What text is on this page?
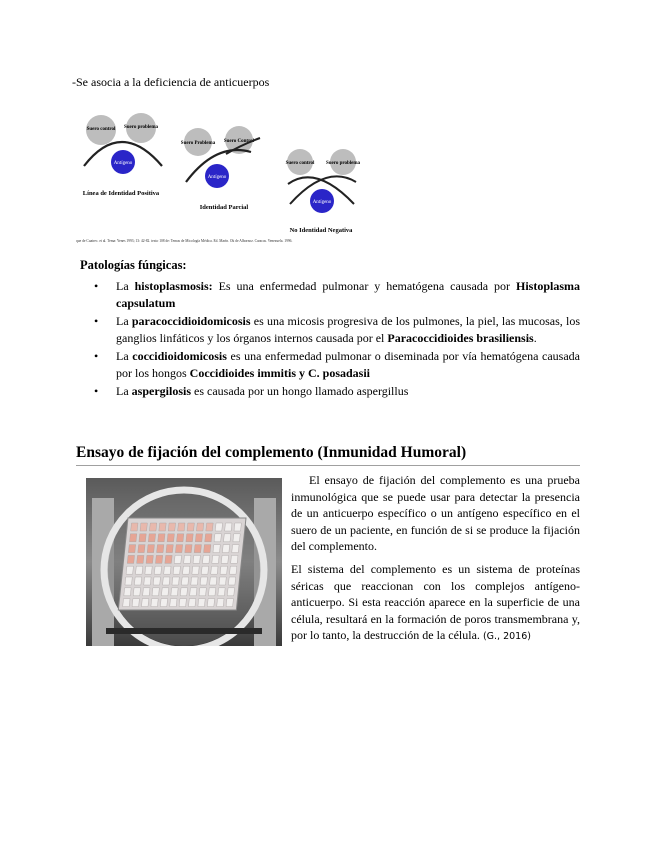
-Se asocia a la deficiencia de anticuerpos
Suero control Suero problema
Antígeno
Línea de Identidad Positiva
Suero Problema Suero Control
Antígeno
Identidad Parcial
Suero control Suero problema
Antígeno
No Identidad Negativa
que de Cuatrec. et al. Tema: Yenes 1993; 13: 42-82. texto 108 de: Temas de Micología Médica. Ed. Marín. Ok de Albornoz. Caracas. Venezuela. 1996.
Patologías fúngicas:
• La histoplasmosis: Es una enfermedad pulmonar y hematógena causada por Histoplasma capsulatum
• La paracoccidioidomicosis es una micosis progresiva de los pulmones, la piel, las mucosas, los ganglios linfáticos y los órganos internos causada por el Paracoccidioides brasiliensis.
• La coccidioidomicosis es una enfermedad pulmonar o diseminada por vía hematógena causada por los hongos Coccidioides immitis y C. posadasii
• La aspergilosis es causada por un hongo llamado aspergillus
Ensayo de fijación del complemento (Inmunidad Humoral)

El ensayo de fijación del complemento es una prueba inmunológica que se puede usar para detectar la presencia de un anticuerpo específico o un antígeno específico en el suero de un paciente, en función de si se produce la fijación del complemento.

El sistema del complemento es un sistema de proteínas séricas que reaccionan con los complejos antígeno-anticuerpo. Si esta reacción aparece en la superficie de una célula, resultará en la formación de poros transmembrana y, por lo tanto, la destrucción de la célula. (G., 2016)
